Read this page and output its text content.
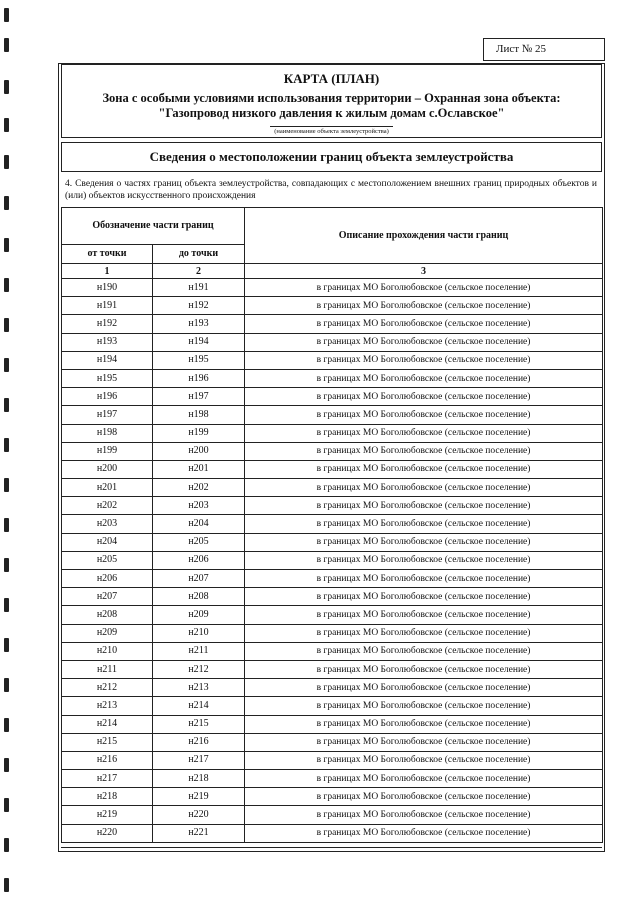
Лист № 25
КАРТА (ПЛАН)
Зона с особыми условиями использования территории – Охранная зона объекта:
"Газопровод низкого давления к жилым домам с.Ославское"
(наименование объекта землеустройства)
Сведения о местоположении границ объекта землеустройства
4. Сведения о частях границ объекта землеустройства, совпадающих с местоположением внешних границ природных объектов и (или) объектов искусственного происхождения
Обозначение части границ		Описание прохождения части границ
от точки	до точки	
1	2	3
н190	н191	в границах МО Боголюбовское (сельское поселение)
н191	н192	в границах МО Боголюбовское (сельское поселение)
н192	н193	в границах МО Боголюбовское (сельское поселение)
н193	н194	в границах МО Боголюбовское (сельское поселение)
н194	н195	в границах МО Боголюбовское (сельское поселение)
н195	н196	в границах МО Боголюбовское (сельское поселение)
н196	н197	в границах МО Боголюбовское (сельское поселение)
н197	н198	в границах МО Боголюбовское (сельское поселение)
н198	н199	в границах МО Боголюбовское (сельское поселение)
н199	н200	в границах МО Боголюбовское (сельское поселение)
н200	н201	в границах МО Боголюбовское (сельское поселение)
н201	н202	в границах МО Боголюбовское (сельское поселение)
н202	н203	в границах МО Боголюбовское (сельское поселение)
н203	н204	в границах МО Боголюбовское (сельское поселение)
н204	н205	в границах МО Боголюбовское (сельское поселение)
н205	н206	в границах МО Боголюбовское (сельское поселение)
н206	н207	в границах МО Боголюбовское (сельское поселение)
н207	н208	в границах МО Боголюбовское (сельское поселение)
н208	н209	в границах МО Боголюбовское (сельское поселение)
н209	н210	в границах МО Боголюбовское (сельское поселение)
н210	н211	в границах МО Боголюбовское (сельское поселение)
н211	н212	в границах МО Боголюбовское (сельское поселение)
н212	н213	в границах МО Боголюбовское (сельское поселение)
н213	н214	в границах МО Боголюбовское (сельское поселение)
н214	н215	в границах МО Боголюбовское (сельское поселение)
н215	н216	в границах МО Боголюбовское (сельское поселение)
н216	н217	в границах МО Боголюбовское (сельское поселение)
н217	н218	в границах МО Боголюбовское (сельское поселение)
н218	н219	в границах МО Боголюбовское (сельское поселение)
н219	н220	в границах МО Боголюбовское (сельское поселение)
н220	н221	в границах МО Боголюбовское (сельское поселение)
